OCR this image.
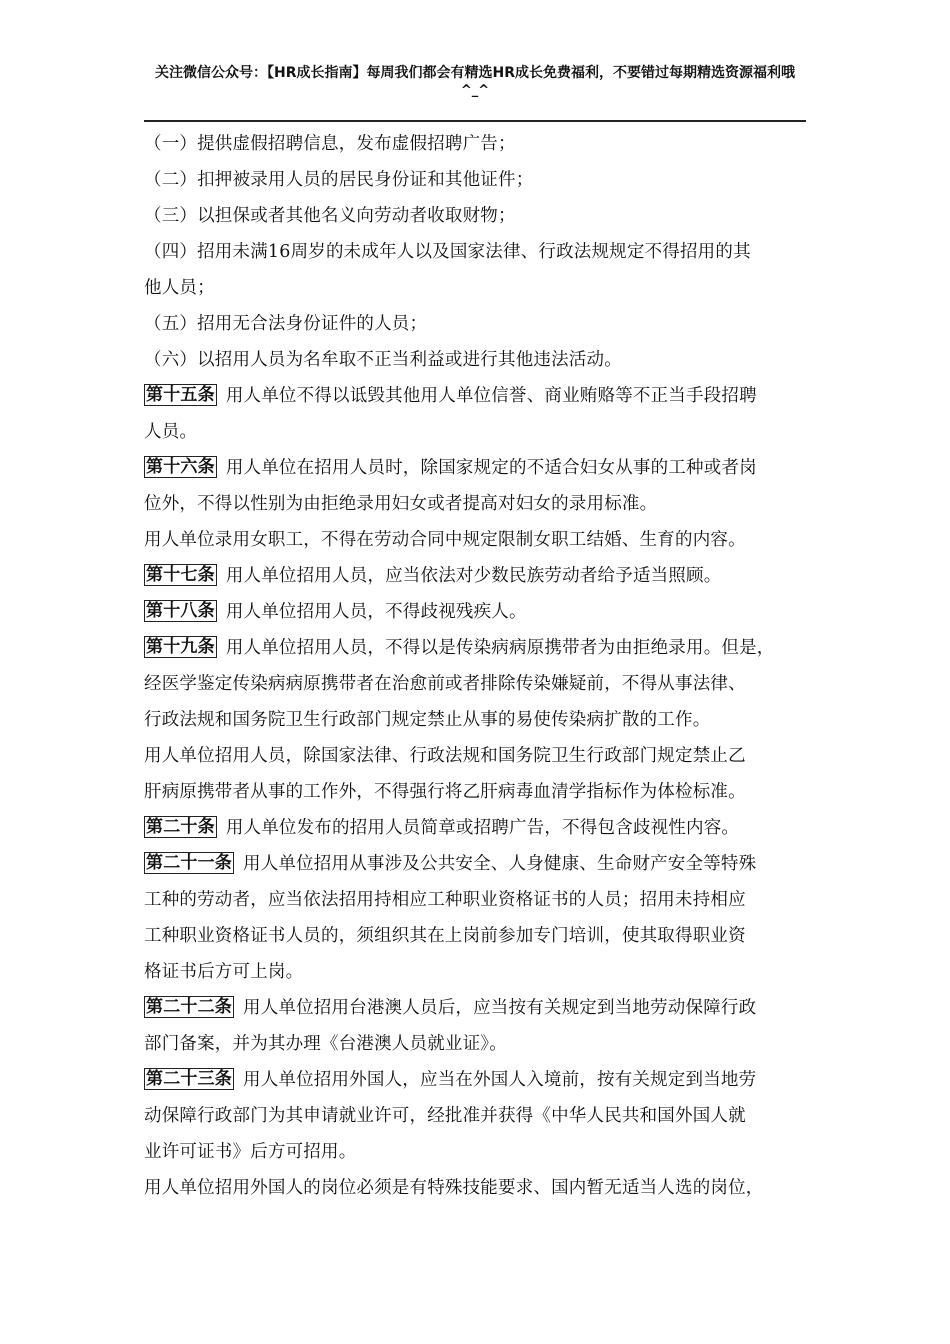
关注微信公众号：【HR成长指南】每周我们都会有精选HR成长免费福利，不要错过每期精选资源福利哦
^_^
（一）提供虚假招聘信息，发布虚假招聘广告；
（二）扣押被录用人员的居民身份证和其他证件；
（三）以担保或者其他名义向劳动者收取财物；
（四）招用未满16周岁的未成年人以及国家法律、行政法规规定不得招用的其
他人员；
（五）招用无合法身份证件的人员；
（六）以招用人员为名牟取不正当利益或进行其他违法活动。
第十五条 用人单位不得以诋毁其他用人单位信誉、商业贿赂等不正当手段招聘
人员。
第十六条 用人单位在招用人员时，除国家规定的不适合妇女从事的工种或者岗
位外，不得以性别为由拒绝录用妇女或者提高对妇女的录用标准。
用人单位录用女职工，不得在劳动合同中规定限制女职工结婚、生育的内容。
第十七条 用人单位招用人员，应当依法对少数民族劳动者给予适当照顾。
第十八条 用人单位招用人员，不得歧视残疾人。
第十九条 用人单位招用人员，不得以是传染病病原携带者为由拒绝录用。但是，
经医学鉴定传染病病原携带者在治愈前或者排除传染嫌疑前，不得从事法律、
行政法规和国务院卫生行政部门规定禁止从事的易使传染病扩散的工作。
用人单位招用人员，除国家法律、行政法规和国务院卫生行政部门规定禁止乙
肝病原携带者从事的工作外，不得强行将乙肝病毒血清学指标作为体检标准。
第二十条 用人单位发布的招用人员简章或招聘广告，不得包含歧视性内容。
第二十一条 用人单位招用从事涉及公共安全、人身健康、生命财产安全等特殊
工种的劳动者，应当依法招用持相应工种职业资格证书的人员；招用未持相应
工种职业资格证书人员的，须组织其在上岗前参加专门培训，使其取得职业资
格证书后方可上岗。
第二十二条 用人单位招用台港澳人员后，应当按有关规定到当地劳动保障行政
部门备案，并为其办理《台港澳人员就业证》。
第二十三条 用人单位招用外国人，应当在外国人入境前，按有关规定到当地劳
动保障行政部门为其申请就业许可，经批准并获得《中华人民共和国外国人就
业许可证书》后方可招用。
用人单位招用外国人的岗位必须是有特殊技能要求、国内暂无适当人选的岗位，
